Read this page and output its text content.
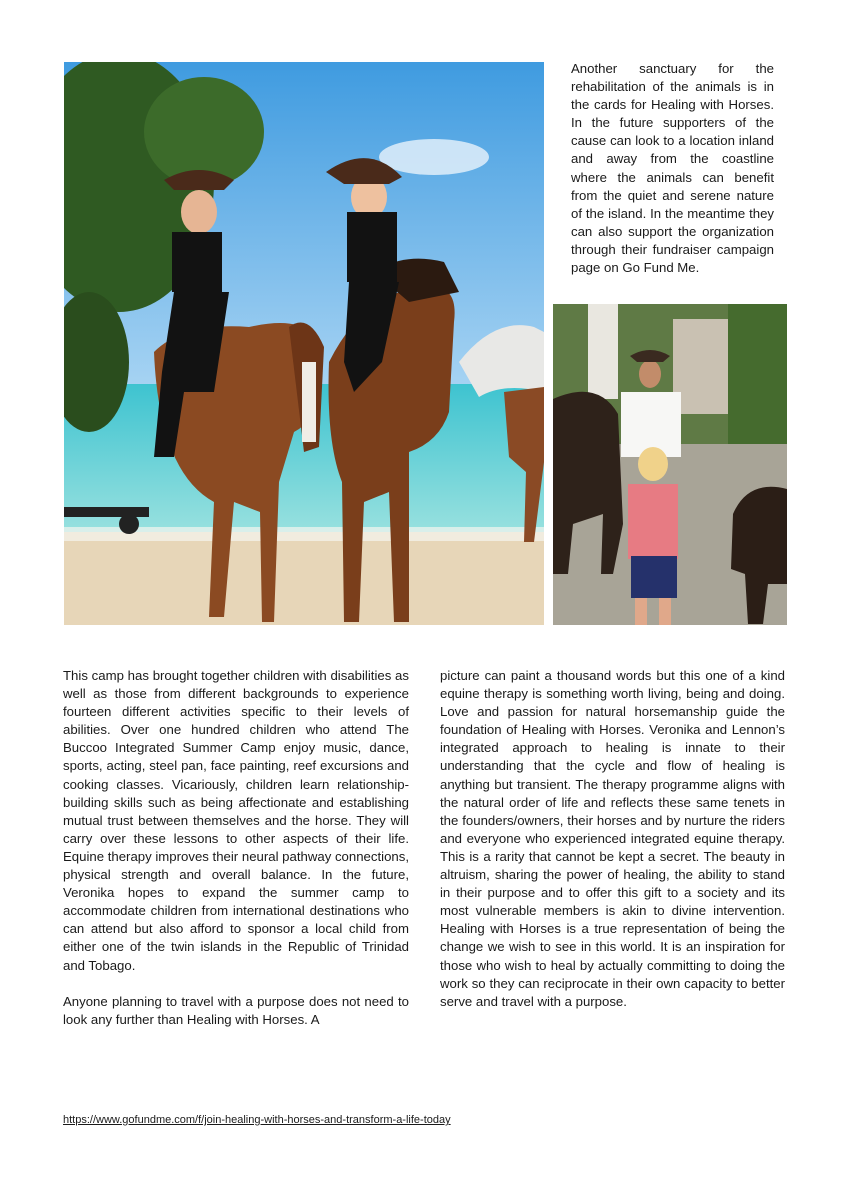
Another sanctuary for the rehabilitation of the animals is in the cards for Healing with Horses. In the future supporters of the cause can look to a location inland and away from the coastline where the animals can benefit from the quiet and serene nature of the island. In the meantime they can also support the organization through their fundraiser campaign page on Go Fund Me.

This camp has brought together children with disabilities as well as those from different backgrounds to experience fourteen different activities specific to their levels of abilities. Over one hundred children who attend The Buccoo Integrated Summer Camp enjoy music, dance, sports, acting, steel pan, face painting, reef excursions and cooking classes. Vicariously, children learn relationship-building skills such as being affectionate and establishing mutual trust between themselves and the horse. They will carry over these lessons to other aspects of their life. Equine therapy improves their neural pathway connections, physical strength and overall balance. In the future, Veronika hopes to expand the summer camp to accommodate children from international destinations who can attend but also afford to sponsor a local child from either one of the twin islands in the Republic of Trinidad and Tobago.

Anyone planning to travel with a purpose does not need to look any further than Healing with Horses. A

picture can paint a thousand words but this one of a kind equine therapy is something worth living, being and doing. Love and passion for natural horsemanship guide the foundation of Healing with Horses. Veronika and Lennon’s integrated approach to healing is innate to their understanding that the cycle and flow of healing is anything but transient. The therapy programme aligns with the natural order of life and reflects these same tenets in the founders/owners, their horses and by nurture the riders and everyone who experienced integrated equine therapy. This is a rarity that cannot be kept a secret. The beauty in altruism, sharing the power of healing, the ability to stand in their purpose and to offer this gift to a society and its most vulnerable members is akin to divine intervention. Healing with Horses is a true representation of being the change we wish to see in this world. It is an inspiration for those who wish to heal by actually committing to doing the work so they can reciprocate in their own capacity to better serve and travel with a purpose.

https://www.gofundme.com/f/join-healing-with-horses-and-transform-a-life-today
